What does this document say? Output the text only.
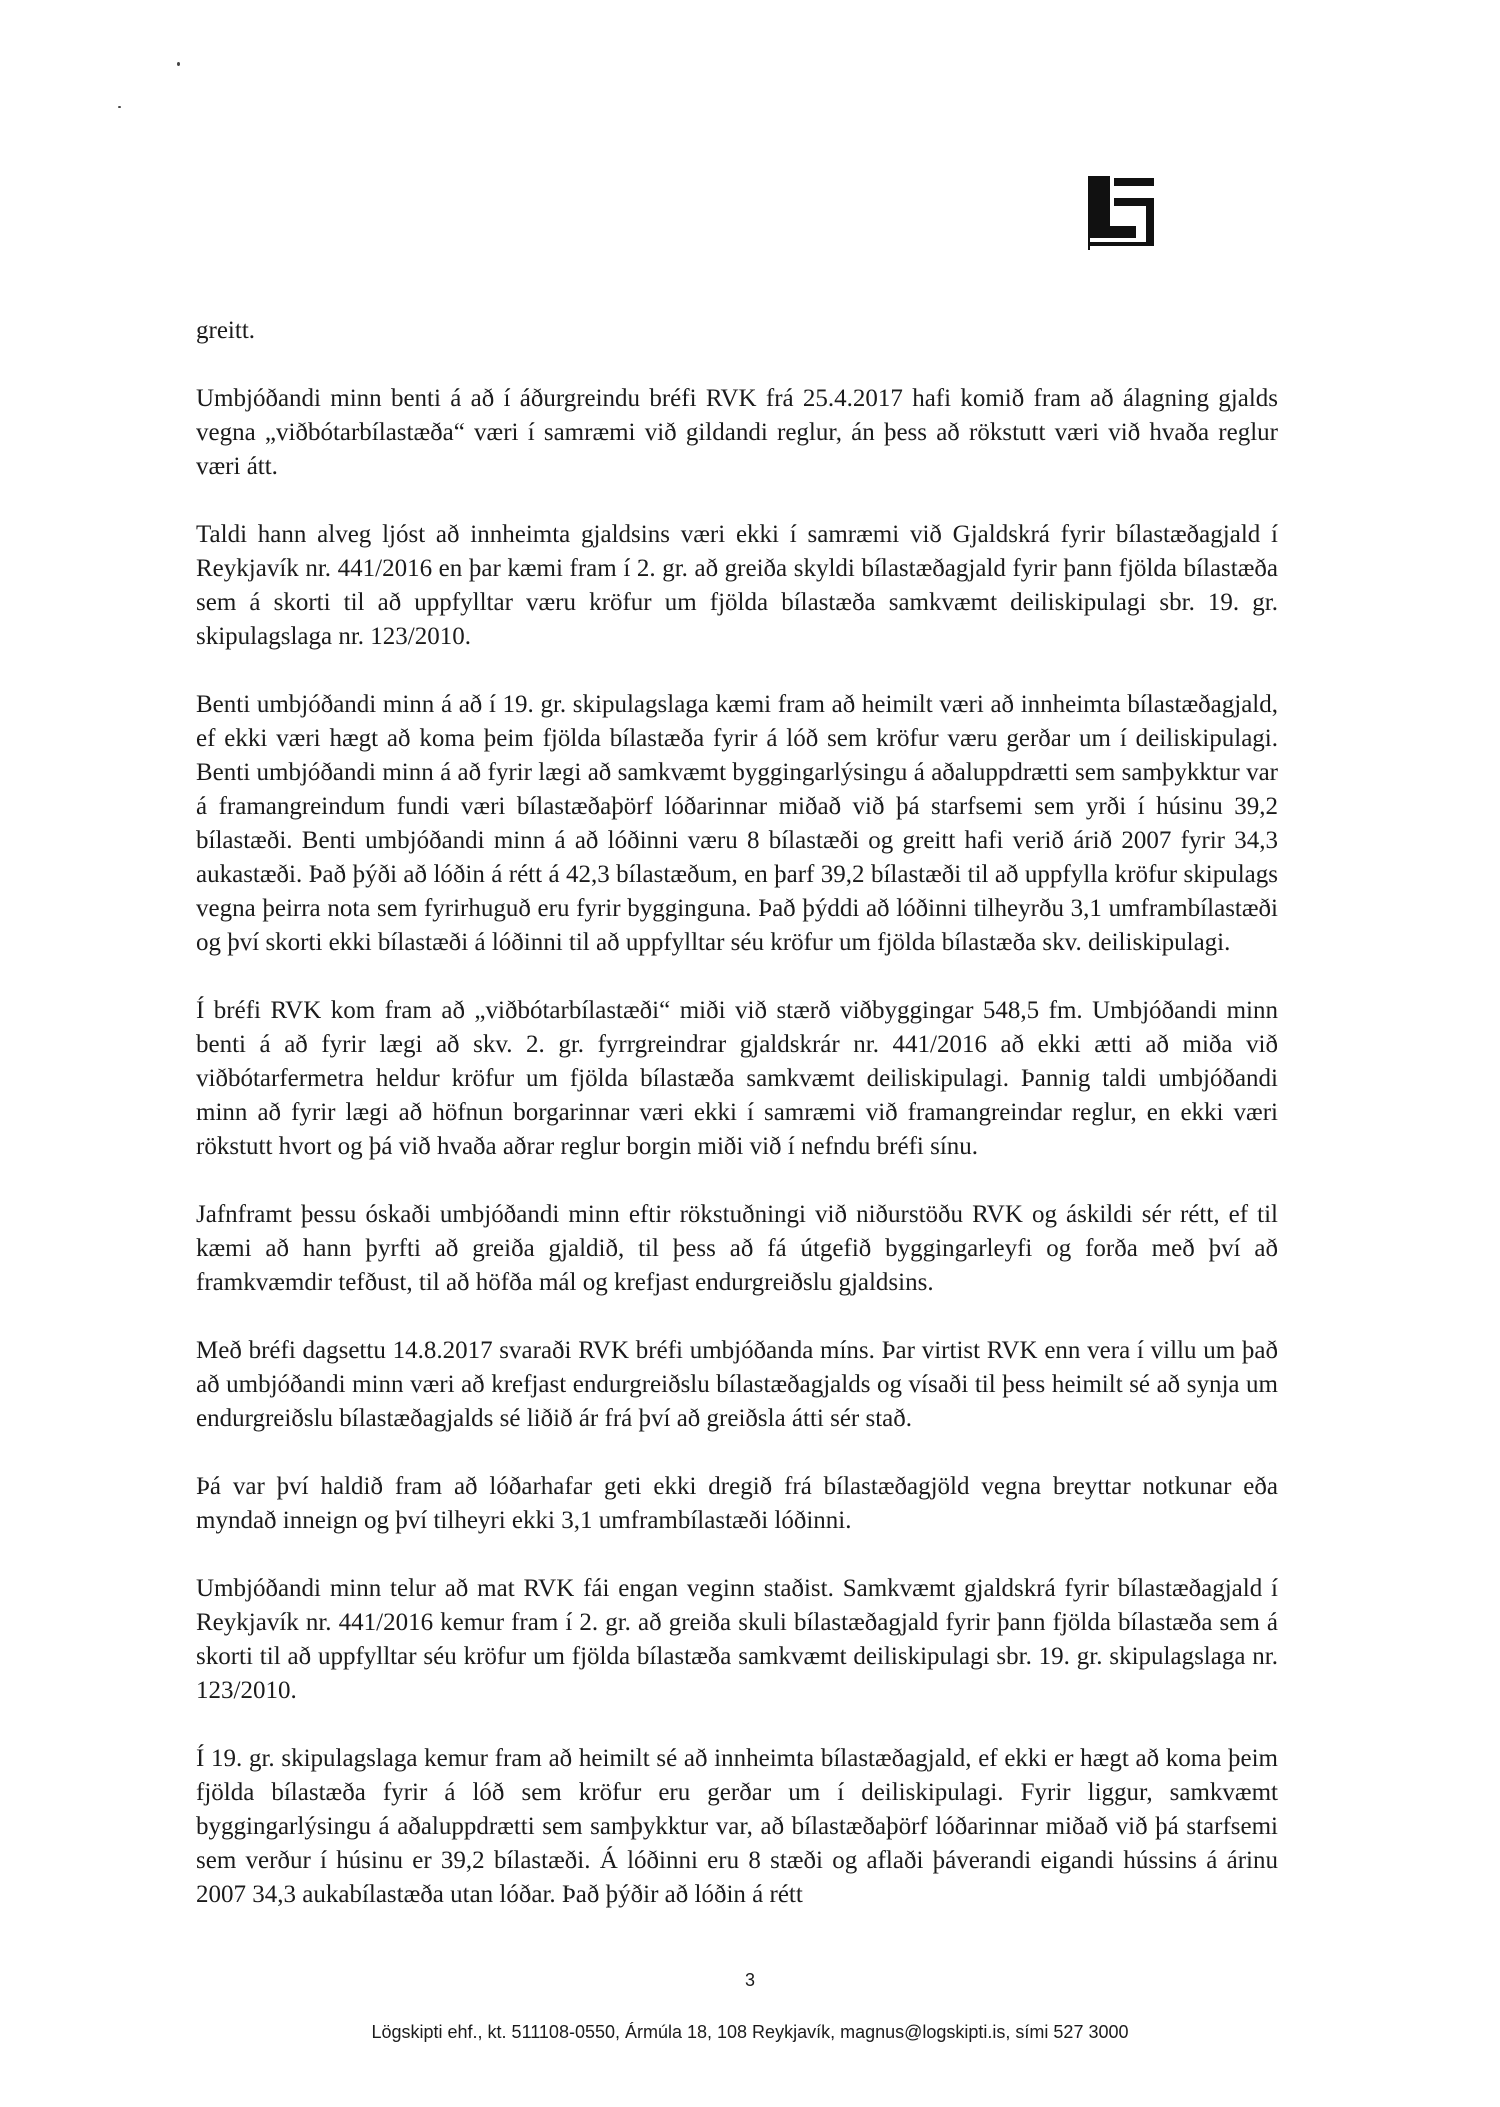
greitt.

Umbjóðandi minn benti á að í áðurgreindu bréfi RVK frá 25.4.2017 hafi komið fram að álagning gjalds vegna „viðbótarbílastæða“ væri í samræmi við gildandi reglur, án þess að rökstutt væri við hvaða reglur væri átt.

Taldi hann alveg ljóst að innheimta gjaldsins væri ekki í samræmi við Gjaldskrá fyrir bílastæðagjald í Reykjavík nr. 441/2016 en þar kæmi fram í 2. gr. að greiða skyldi bílastæðagjald fyrir þann fjölda bílastæða sem á skorti til að uppfylltar væru kröfur um fjölda bílastæða samkvæmt deiliskipulagi sbr. 19. gr. skipulagslaga nr. 123/2010.

Benti umbjóðandi minn á að í 19. gr. skipulagslaga kæmi fram að heimilt væri að innheimta bílastæðagjald, ef ekki væri hægt að koma þeim fjölda bílastæða fyrir á lóð sem kröfur væru gerðar um í deiliskipulagi. Benti umbjóðandi minn á að fyrir lægi að samkvæmt byggingarlýsingu á aðaluppdrætti sem samþykktur var á framangreindum fundi væri bílastæðaþörf lóðarinnar miðað við þá starfsemi sem yrði í húsinu 39,2 bílastæði. Benti umbjóðandi minn á að lóðinni væru 8 bílastæði og greitt hafi verið árið 2007 fyrir 34,3 aukastæði. Það þýði að lóðin á rétt á 42,3 bílastæðum, en þarf 39,2 bílastæði til að uppfylla kröfur skipulags vegna þeirra nota sem fyrirhuguð eru fyrir bygginguna. Það þýddi að lóðinni tilheyrðu 3,1 umframbílastæði og því skorti ekki bílastæði á lóðinni til að uppfylltar séu kröfur um fjölda bílastæða skv. deiliskipulagi.

Í bréfi RVK kom fram að „viðbótarbílastæði“ miði við stærð viðbyggingar 548,5 fm. Umbjóðandi minn benti á að fyrir lægi að skv. 2. gr. fyrrgreindrar gjaldskrár nr. 441/2016 að ekki ætti að miða við viðbótarfermetra heldur kröfur um fjölda bílastæða samkvæmt deiliskipulagi. Þannig taldi umbjóðandi minn að fyrir lægi að höfnun borgarinnar væri ekki í samræmi við framangreindar reglur, en ekki væri rökstutt hvort og þá við hvaða aðrar reglur borgin miði við í nefndu bréfi sínu.

Jafnframt þessu óskaði umbjóðandi minn eftir rökstuðningi við niðurstöðu RVK og áskildi sér rétt, ef til kæmi að hann þyrfti að greiða gjaldið, til þess að fá útgefið byggingarleyfi og forða með því að framkvæmdir tefðust, til að höfða mál og krefjast endurgreiðslu gjaldsins.

Með bréfi dagsettu 14.8.2017 svaraði RVK bréfi umbjóðanda míns. Þar virtist RVK enn vera í villu um það að umbjóðandi minn væri að krefjast endurgreiðslu bílastæðagjalds og vísaði til þess heimilt sé að synja um endurgreiðslu bílastæðagjalds sé liðið ár frá því að greiðsla átti sér stað.

Þá var því haldið fram að lóðarhafar geti ekki dregið frá bílastæðagjöld vegna breyttar notkunar eða myndað inneign og því tilheyri ekki 3,1 umframbílastæði lóðinni.

Umbjóðandi minn telur að mat RVK fái engan veginn staðist. Samkvæmt gjaldskrá fyrir bílastæðagjald í Reykjavík nr. 441/2016 kemur fram í 2. gr. að greiða skuli bílastæðagjald fyrir þann fjölda bílastæða sem á skorti til að uppfylltar séu kröfur um fjölda bílastæða samkvæmt deiliskipulagi sbr. 19. gr. skipulagslaga nr. 123/2010.

Í 19. gr. skipulagslaga kemur fram að heimilt sé að innheimta bílastæðagjald, ef ekki er hægt að koma þeim fjölda bílastæða fyrir á lóð sem kröfur eru gerðar um í deiliskipulagi. Fyrir liggur, samkvæmt byggingarlýsingu á aðaluppdrætti sem samþykktur var, að bílastæðaþörf lóðarinnar miðað við þá starfsemi sem verður í húsinu er 39,2 bílastæði. Á lóðinni eru 8 stæði og aflaði þáverandi eigandi hússins á árinu 2007 34,3 aukabílastæða utan lóðar. Það þýðir að lóðin á rétt

3
Lögskipti ehf., kt. 511108-0550, Ármúla 18, 108 Reykjavík, magnus@logskipti.is, sími 527 3000
